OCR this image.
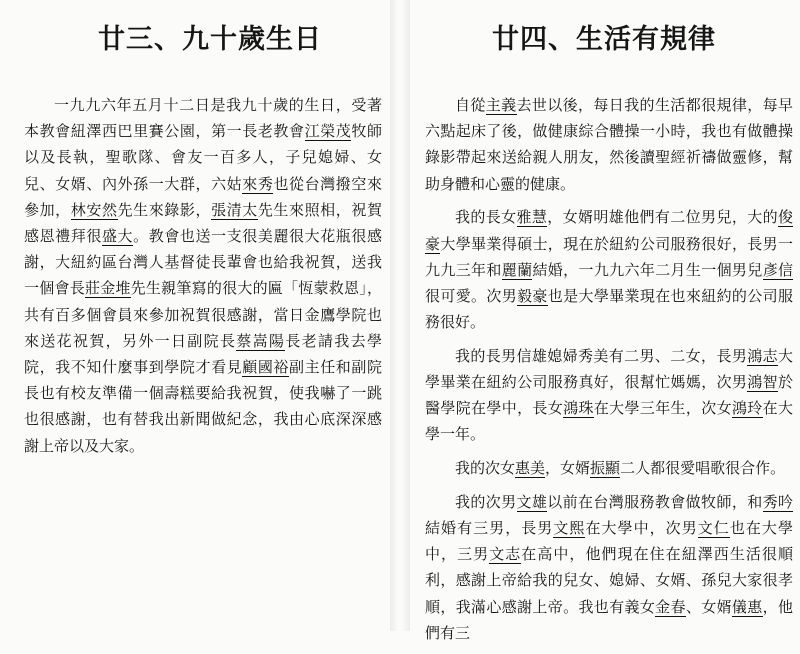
廿三、九十歲生日

一九九六年五月十二日是我九十歲的生日，受著本教會紐澤西巴里賽公園，第一長老教會江榮茂牧師以及長執，聖歌隊、會友一百多人，子兒媳婦、女兒、女婿、內外孫一大群，六姑來秀也從台灣撥空來參加，林安然先生來錄影，張清太先生來照相，祝賀感恩禮拜很盛大。教會也送一支很美麗很大花瓶很感謝，大紐約區台灣人基督徒長輩會也給我祝賀，送我一個會長莊金堆先生親筆寫的很大的匾「恆蒙救恩」，共有百多個會員來參加祝賀很感謝，當日金鷹學院也來送花祝賀，另外一日副院長蔡嵩陽長老請我去學院，我不知什麼事到學院才看見顧國裕副主任和副院長也有校友準備一個壽糕要給我祝賀，使我嚇了一跳也很感謝，也有替我出新聞做紀念，我由心底深深感謝上帝以及大家。

廿四、生活有規律

自從主義去世以後，每日我的生活都很規律，每早六點起床了後，做健康綜合體操一小時，我也有做體操錄影帶起來送給親人朋友，然後讀聖經祈禱做靈修，幫助身體和心靈的健康。

我的長女雅慧，女婿明雄他們有二位男兒，大的俊豪大學畢業得碩士，現在於紐約公司服務很好，長男一九九三年和麗蘭結婚，一九九六年二月生一個男兒彥信很可愛。次男毅豪也是大學畢業現在也來紐約的公司服務很好。

我的長男信雄媳婦秀美有二男、二女，長男鴻志大學畢業在紐約公司服務真好，很幫忙媽媽，次男鴻智於醫學院在學中，長女鴻珠在大學三年生，次女鴻玲在大學一年。

我的次女惠美，女婿振顯二人都很愛唱歌很合作。

我的次男文雄以前在台灣服務教會做牧師，和秀吟結婚有三男，長男文熙在大學中，次男文仁也在大學中，三男文志在高中，他們現在住在紐澤西生活很順利，感謝上帝給我的兒女、媳婦、女婿、孫兒大家很孝順，我滿心感謝上帝。我也有義女金春、女婿儀惠，他們有三
